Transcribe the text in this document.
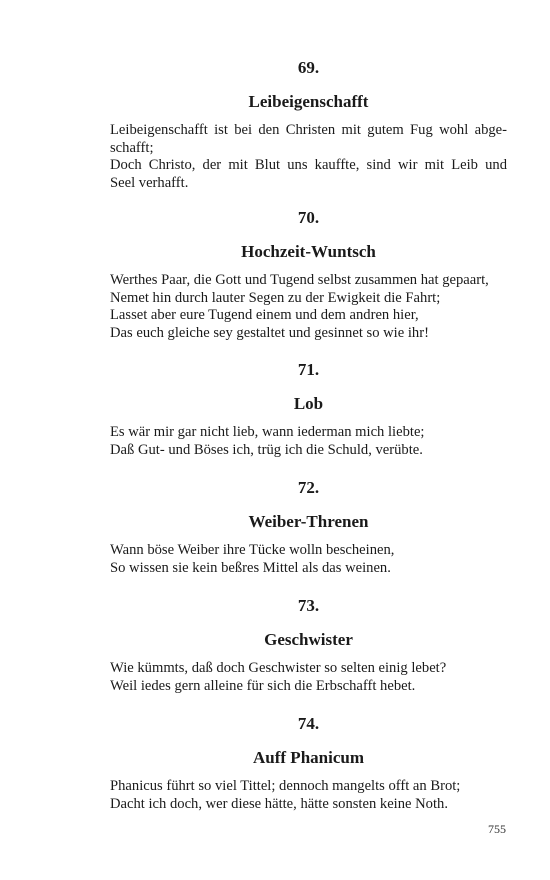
69.

Leibeigenschafft

Leibeigenschafft ist bei den Christen mit gutem Fug wohl abge-
schafft;
Doch Christo, der mit Blut uns kauffte, sind wir mit Leib und
Seel verhafft.

70.

Hochzeit-Wuntsch

Werthes Paar, die Gott und Tugend selbst zusammen hat gepaart,
Nemet hin durch lauter Segen zu der Ewigkeit die Fahrt;
Lasset aber eure Tugend einem und dem andren hier,
Das euch gleiche sey gestaltet und gesinnet so wie ihr!

71.

Lob

Es wär mir gar nicht lieb, wann iederman mich liebte;
Daß Gut- und Böses ich, trüg ich die Schuld, verübte.

72.

Weiber-Threnen

Wann böse Weiber ihre Tücke wolln bescheinen,
So wissen sie kein beßres Mittel als das weinen.

73.

Geschwister

Wie kümmts, daß doch Geschwister so selten einig lebet?
Weil iedes gern alleine für sich die Erbschafft hebet.

74.

Auff Phanicum

Phanicus führt so viel Tittel; dennoch mangelts offt an Brot;
Dacht ich doch, wer diese hätte, hätte sonsten keine Noth.
755
